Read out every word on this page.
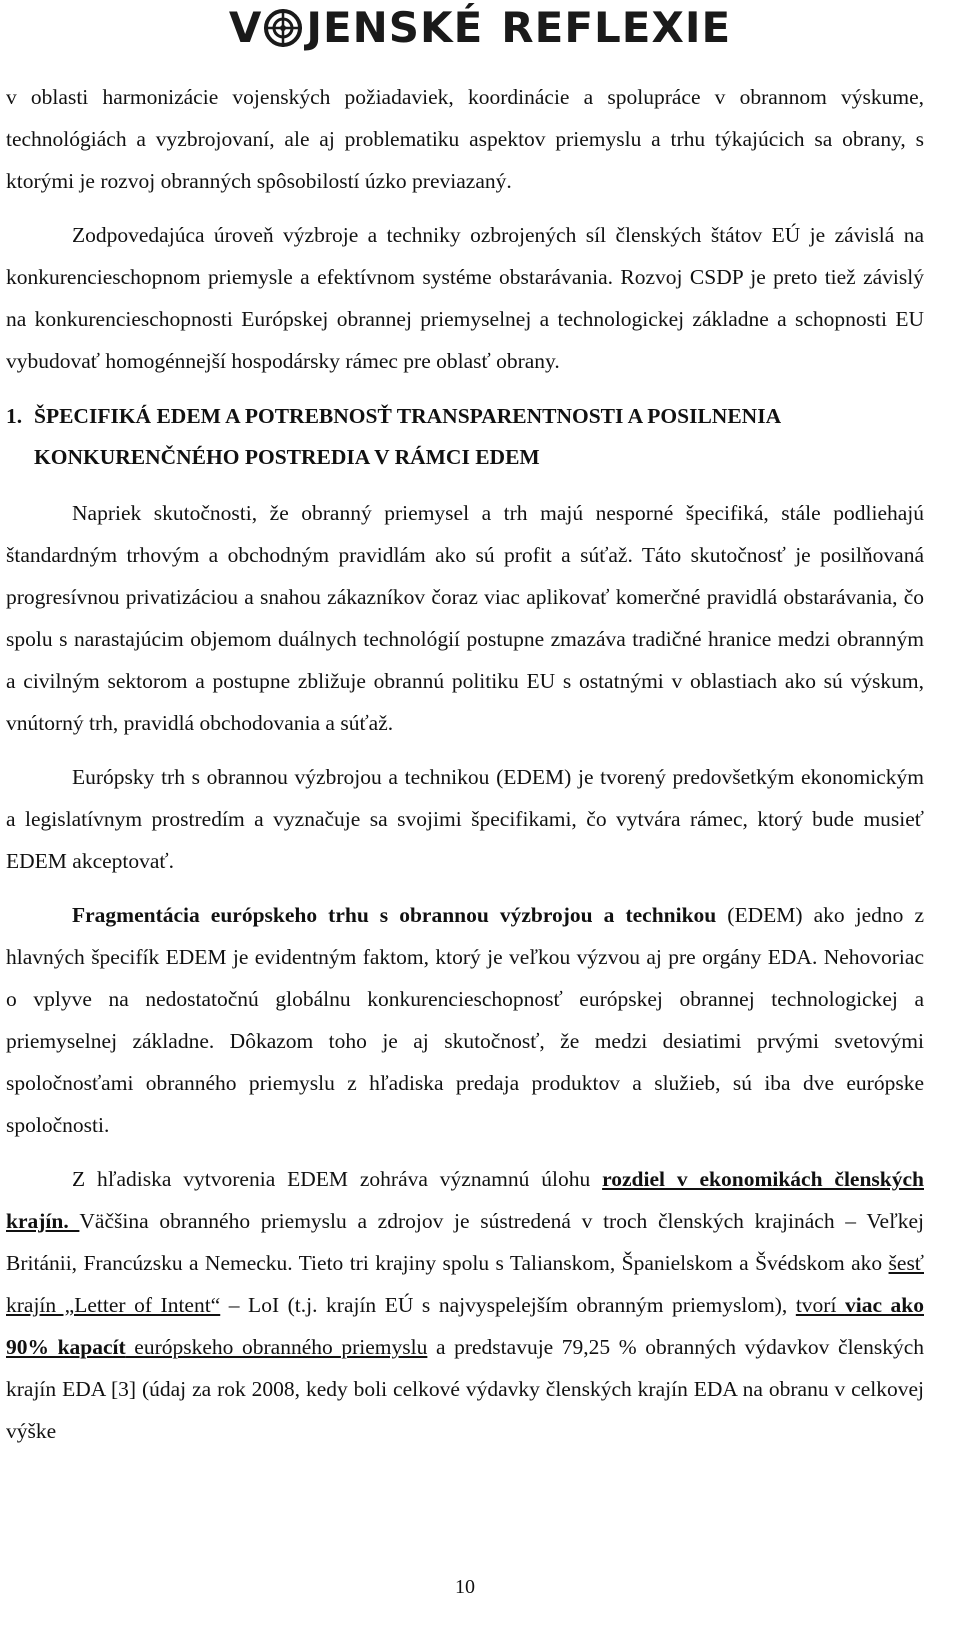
V JENSKÉ REFLEXIE

v oblasti harmonizácie vojenských požiadaviek, koordinácie a spolupráce v obrannom výskume, technológiách a vyzbrojovaní, ale aj problematiku aspektov priemyslu a trhu týkajúcich sa obrany, s ktorými je rozvoj obranných spôsobilostí úzko previazaný.

Zodpovedajúca úroveň výzbroje a techniky ozbrojených síl členských štátov EÚ je závislá na konkurencieschopnom priemysle a efektívnom systéme obstarávania. Rozvoj CSDP je preto tiež závislý na konkurencieschopnosti Európskej obrannej priemyselnej a technologickej základne a schopnosti EU vybudovať homogénnejší hospodársky rámec pre oblasť obrany.

1. ŠPECIFIKÁ EDEM A POTREBNOSŤ TRANSPARENTNOSTI A POSILNENIA KONKURENČNÉHO POSTREDIA V RÁMCI EDEM

Napriek skutočnosti, že obranný priemysel a trh majú nesporné špecifiká, stále podliehajú štandardným trhovým a obchodným pravidlám ako sú profit a súťaž. Táto skutočnosť je posilňovaná progresívnou privatizáciou a snahou zákazníkov čoraz viac aplikovať komerčné pravidlá obstarávania, čo spolu s narastajúcim objemom duálnych technológií postupne zmazáva tradičné hranice medzi obranným a civilným sektorom a postupne zbližuje obrannú politiku EU s ostatnými v oblastiach ako sú výskum, vnútorný trh, pravidlá obchodovania a súťaž.

Európsky trh s obrannou výzbrojou a technikou (EDEM) je tvorený predovšetkým ekonomickým a legislatívnym prostredím a vyznačuje sa svojimi špecifikami, čo vytvára rámec, ktorý bude musieť EDEM akceptovať.

Fragmentácia európskeho trhu s obrannou výzbrojou a technikou (EDEM) ako jedno z hlavných špecifík EDEM je evidentným faktom, ktorý je veľkou výzvou aj pre orgány EDA. Nehovoriac o vplyve na nedostatočnú globálnu konkurencieschopnosť európskej obrannej technologickej a priemyselnej základne. Dôkazom toho je aj skutočnosť, že medzi desiatimi prvými svetovými spoločnosťami obranného priemyslu z hľadiska predaja produktov a služieb, sú iba dve európske spoločnosti.

Z hľadiska vytvorenia EDEM zohráva významnú úlohu rozdiel v ekonomikách členských krajín. Väčšina obranného priemyslu a zdrojov je sústredená v troch členských krajinách – Veľkej Británii, Francúzsku a Nemecku. Tieto tri krajiny spolu s Talianskom, Španielskom a Švédskom ako šesť krajín „Letter of Intent“ – LoI (t.j. krajín EÚ s najvyspelejším obranným priemyslom), tvorí viac ako 90% kapacít európskeho obranného priemyslu a predstavuje 79,25 % obranných výdavkov členských krajín EDA [3] (údaj za rok 2008, kedy boli celkové výdavky členských krajín EDA na obranu v celkovej výške

10
